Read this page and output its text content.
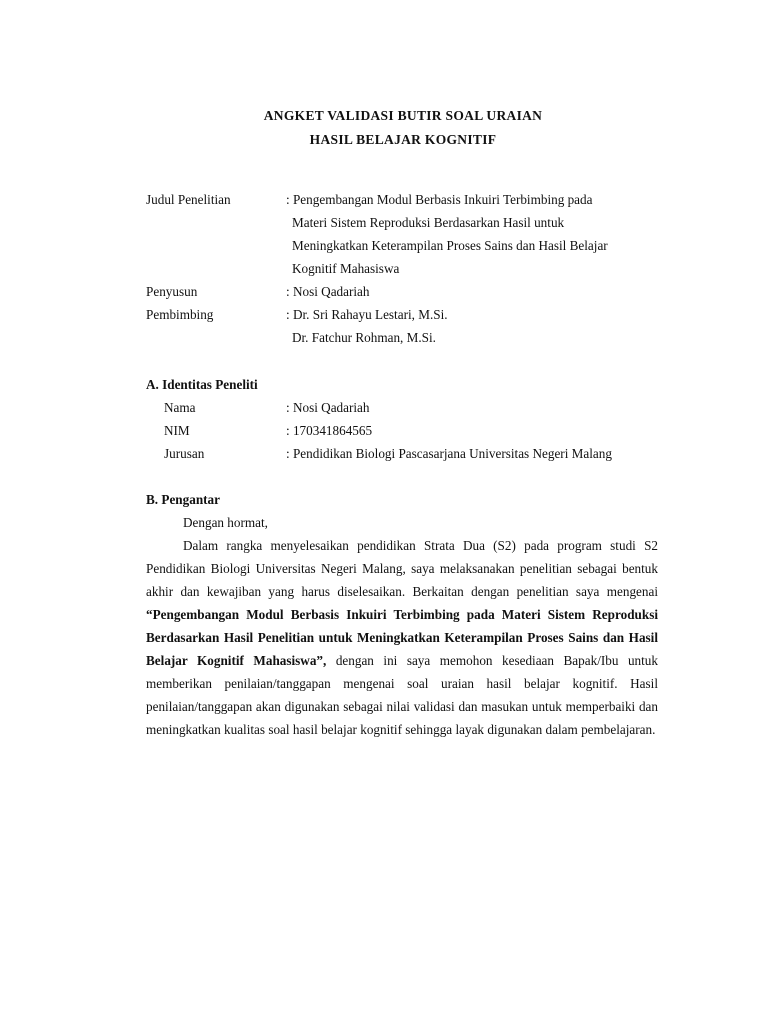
ANGKET VALIDASI BUTIR SOAL URAIAN
HASIL BELAJAR KOGNITIF
Judul Penelitian	: Pengembangan Modul Berbasis Inkuiri Terbimbing pada
Materi Sistem Reproduksi Berdasarkan Hasil untuk
Meningkatkan Keterampilan Proses Sains dan Hasil Belajar
Kognitif Mahasiswa
Penyusun	: Nosi Qadariah
Pembimbing	: Dr. Sri Rahayu Lestari, M.Si.
Dr. Fatchur Rohman, M.Si.
A. Identitas Peneliti
Nama	: Nosi Qadariah
NIM	: 170341864565
Jurusan	: Pendidikan Biologi Pascasarjana Universitas Negeri Malang
B. Pengantar
Dengan hormat,

Dalam rangka menyelesaikan pendidikan Strata Dua (S2) pada program studi S2 Pendidikan Biologi Universitas Negeri Malang, saya melaksanakan penelitian sebagai bentuk akhir dan kewajiban yang harus diselesaikan. Berkaitan dengan penelitian saya mengenai “Pengembangan Modul Berbasis Inkuiri Terbimbing pada Materi Sistem Reproduksi Berdasarkan Hasil Penelitian untuk Meningkatkan Keterampilan Proses Sains dan Hasil Belajar Kognitif Mahasiswa”, dengan ini saya memohon kesediaan Bapak/Ibu untuk memberikan penilaian/tanggapan mengenai soal uraian hasil belajar kognitif. Hasil penilaian/tanggapan akan digunakan sebagai nilai validasi dan masukan untuk memperbaiki dan meningkatkan kualitas soal hasil belajar kognitif sehingga layak digunakan dalam pembelajaran.
